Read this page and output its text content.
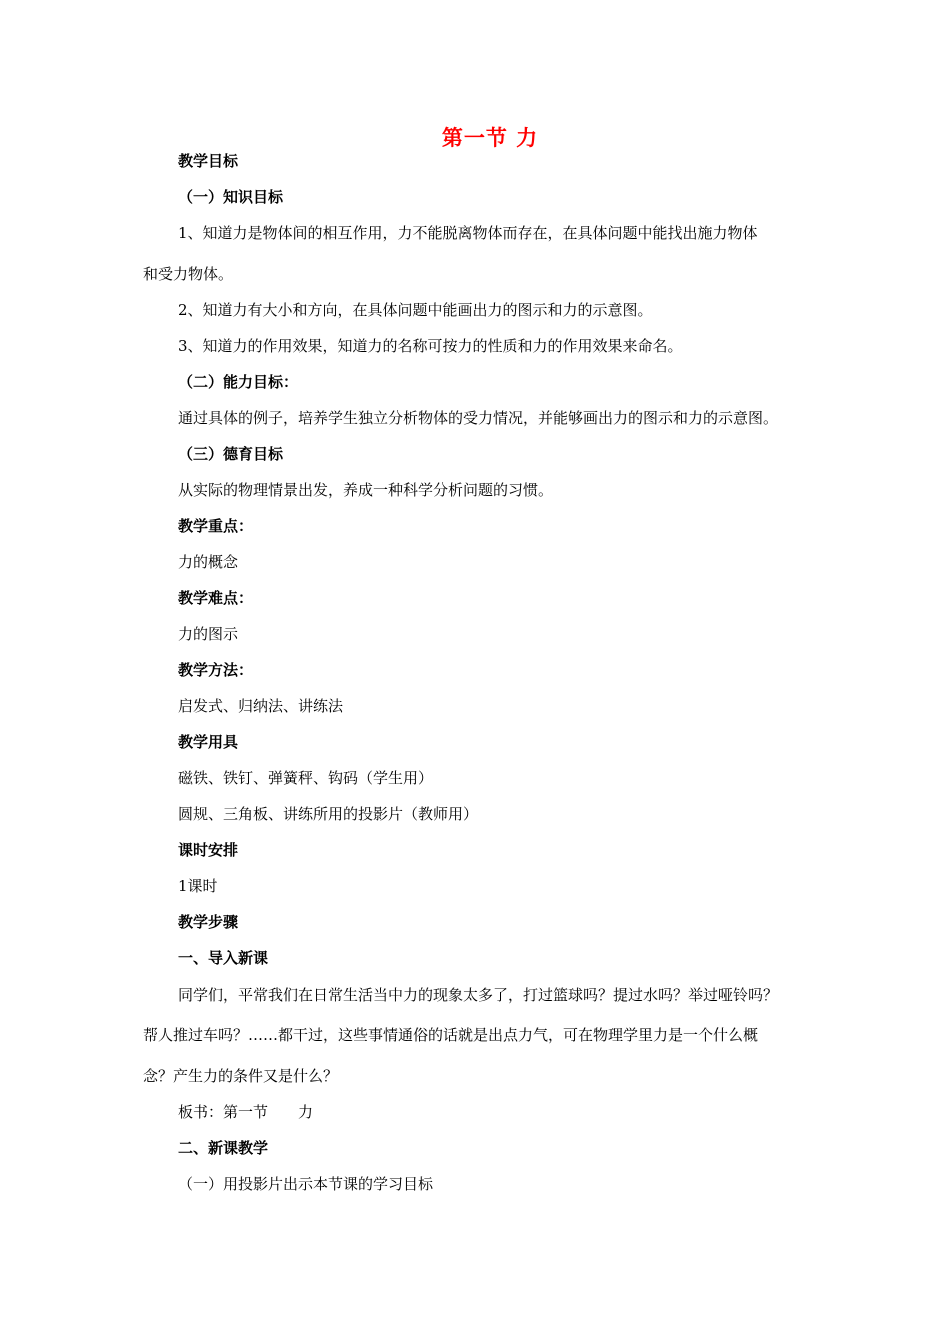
第一节 力
教学目标
（一）知识目标
1、知道力是物体间的相互作用，力不能脱离物体而存在，在具体问题中能找出施力物体
和受力物体。
2、知道力有大小和方向，在具体问题中能画出力的图示和力的示意图。
3、知道力的作用效果，知道力的名称可按力的性质和力的作用效果来命名。
（二）能力目标：
通过具体的例子，培养学生独立分析物体的受力情况，并能够画出力的图示和力的示意图。
（三）德育目标
从实际的物理情景出发，养成一种科学分析问题的习惯。
教学重点：
力的概念
教学难点：
力的图示
教学方法：
启发式、归纳法、讲练法
教学用具
磁铁、铁钉、弹簧秤、钩码（学生用）
圆规、三角板、讲练所用的投影片（教师用）
课时安排
1课时
教学步骤
一、导入新课
同学们，平常我们在日常生活当中力的现象太多了，打过篮球吗？提过水吗？举过哑铃吗？
帮人推过车吗？……都干过，这些事情通俗的话就是出点力气，可在物理学里力是一个什么概
念？产生力的条件又是什么？
板书：第一节　　力
二、新课教学
（一）用投影片出示本节课的学习目标
